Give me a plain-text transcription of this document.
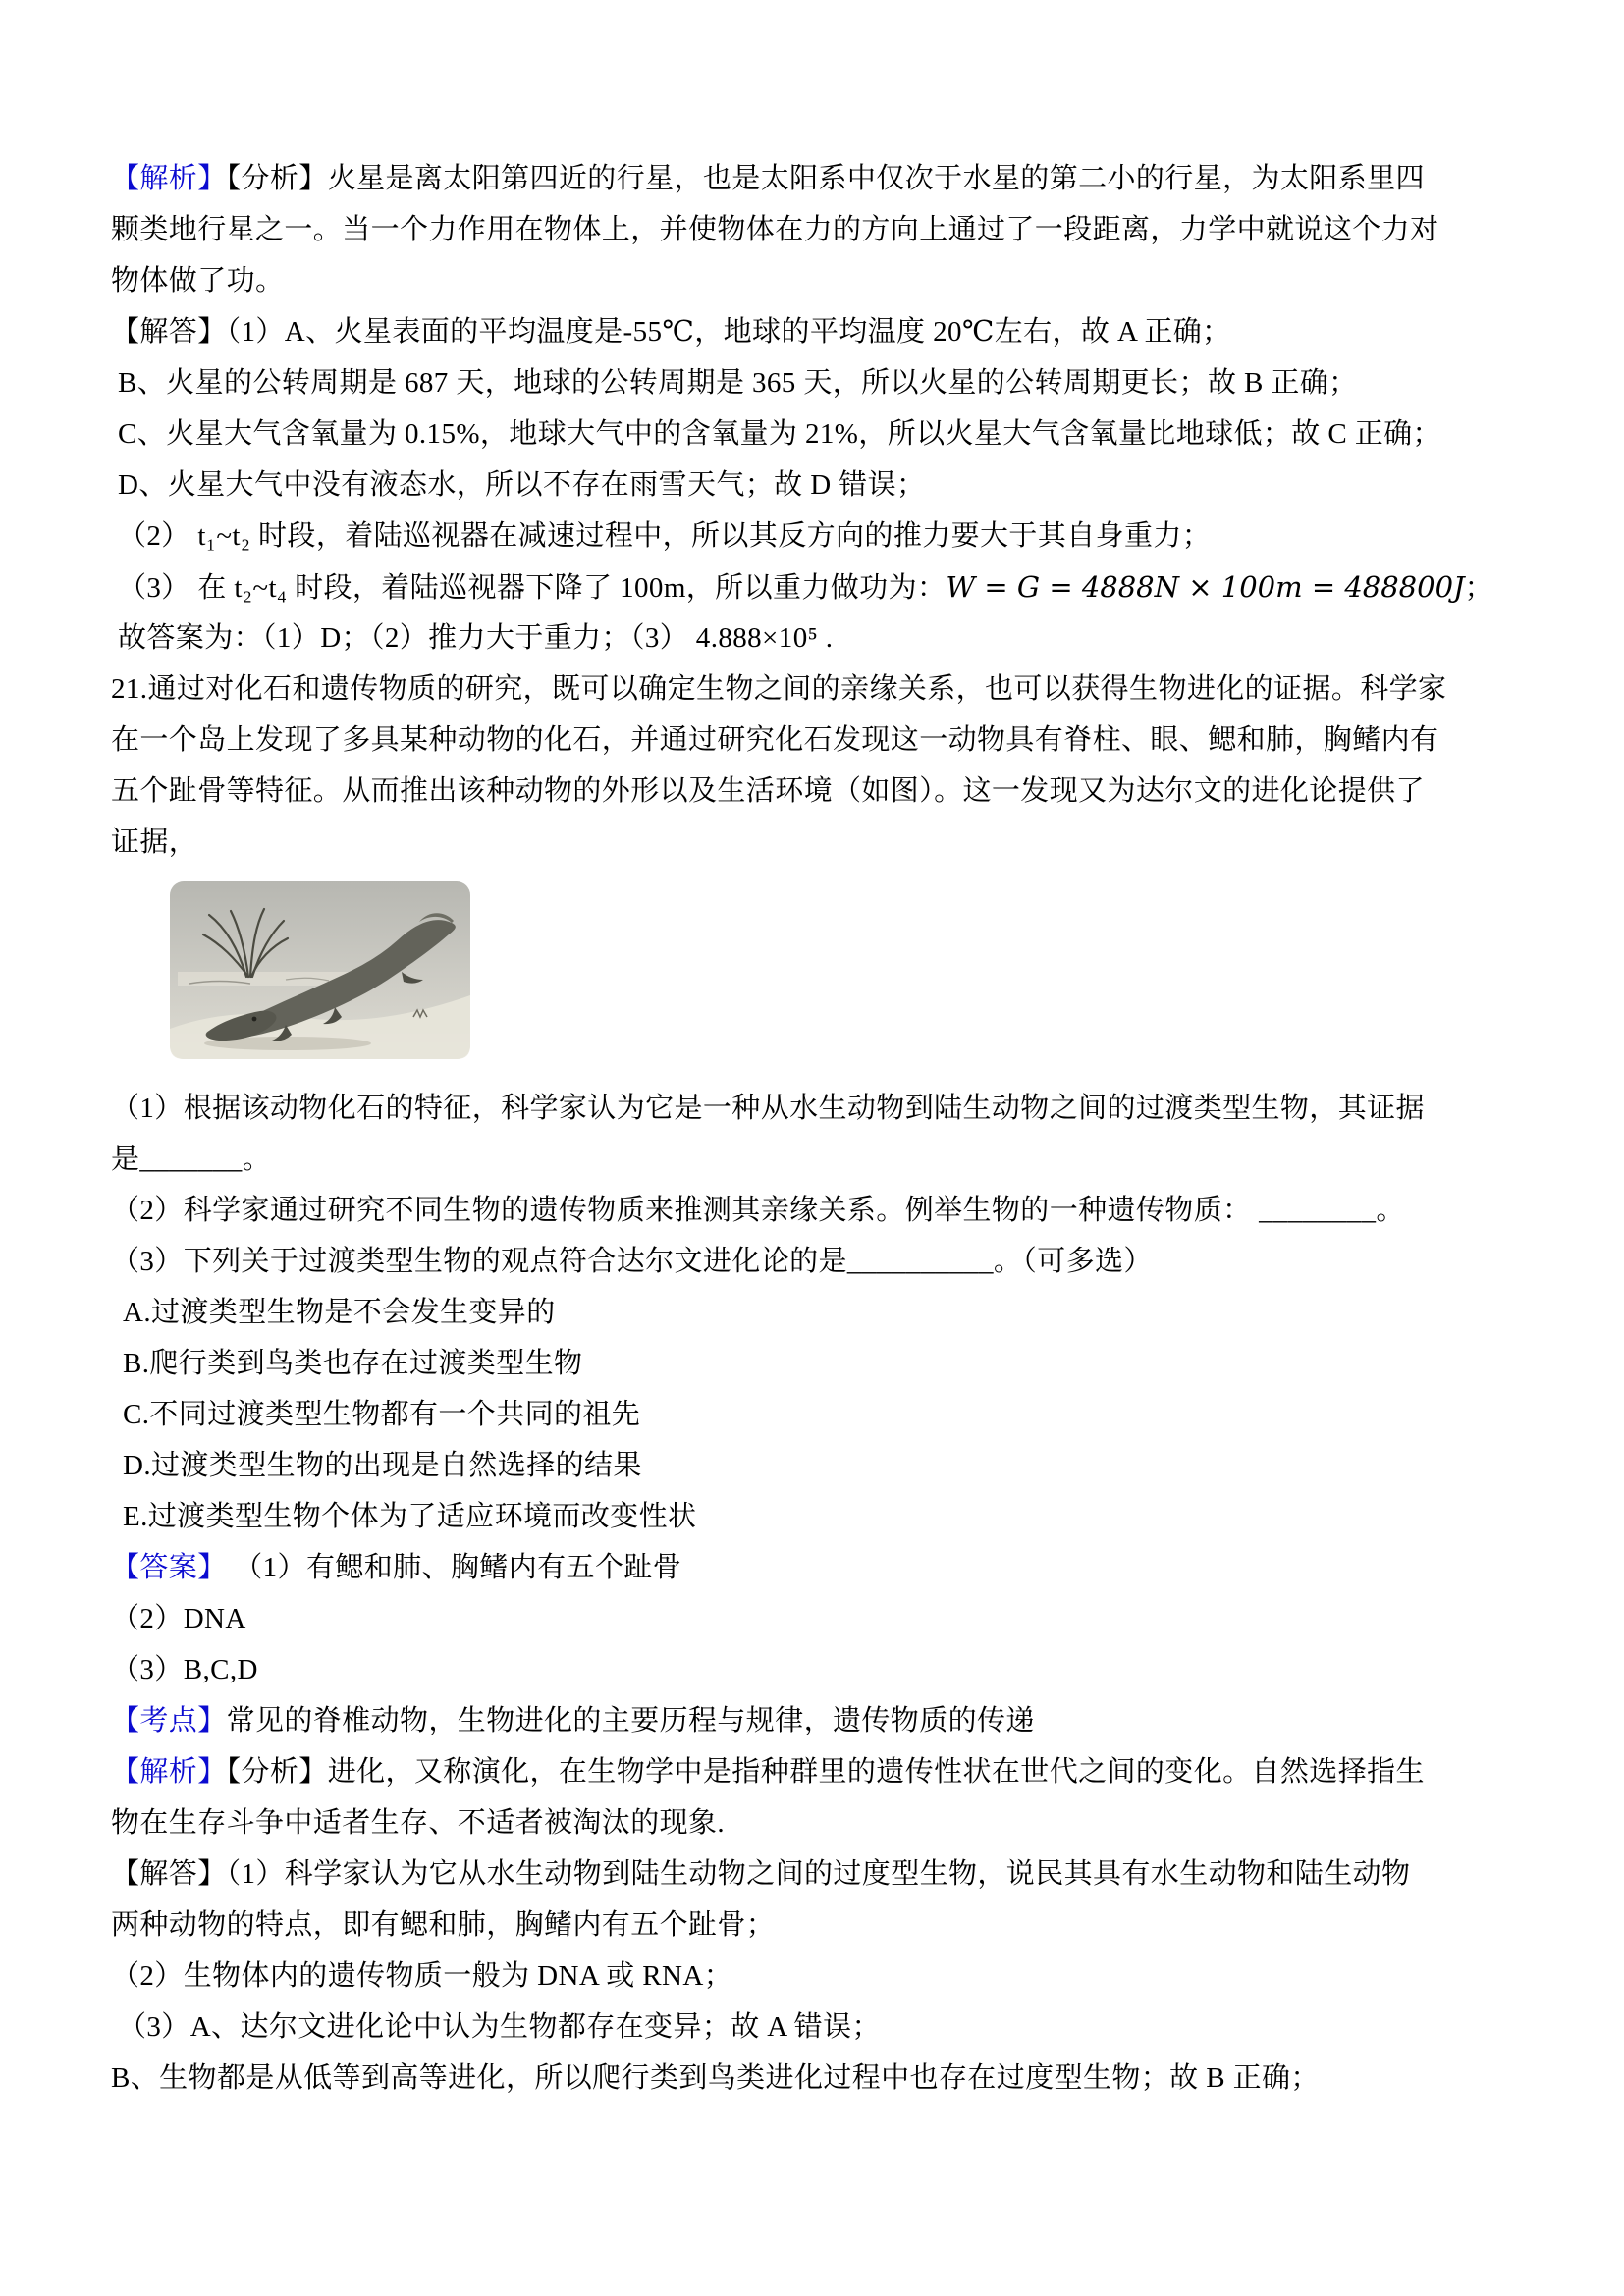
【解析】【分析】火星是离太阳第四近的行星，也是太阳系中仅次于水星的第二小的行星，为太阳系里四
颗类地行星之一。当一个力作用在物体上，并使物体在力的方向上通过了一段距离，力学中就说这个力对
物体做了功。
【解答】（1）A、火星表面的平均温度是-55℃，地球的平均温度 20℃左右，故 A 正确；
B、火星的公转周期是 687 天，地球的公转周期是 365 天，所以火星的公转周期更长；故 B 正确；
C、火星大气含氧量为 0.15%，地球大气中的含氧量为 21%，所以火星大气含氧量比地球低；故 C 正确；
D、火星大气中没有液态水，所以不存在雨雪天气；故 D 错误；
（2） t₁~t₂ 时段，着陆巡视器在减速过程中，所以其反方向的推力要大于其自身重力；
（3） 在 t₂~t₄ 时段，着陆巡视器下降了 100m，所以重力做功为：W = G = 4888N × 100m = 488800J；
故答案为：（1）D；（2）推力大于重力；（3） 4.888×10⁵ .
21.通过对化石和遗传物质的研究，既可以确定生物之间的亲缘关系，也可以获得生物进化的证据。科学家
在一个岛上发现了多具某种动物的化石，并通过研究化石发现这一动物具有脊柱、眼、鳃和肺，胸鳍内有
五个趾骨等特征。从而推出该种动物的外形以及生活环境（如图）。这一发现又为达尔文的进化论提供了
证据，
（1）根据该动物化石的特征，科学家认为它是一种从水生动物到陆生动物之间的过渡类型生物，其证据
是_______。
（2）科学家通过研究不同生物的遗传物质来推测其亲缘关系。例举生物的一种遗传物质： ________。
（3）下列关于过渡类型生物的观点符合达尔文进化论的是__________。（可多选）
A.过渡类型生物是不会发生变异的
B.爬行类到鸟类也存在过渡类型生物
C.不同过渡类型生物都有一个共同的祖先
D.过渡类型生物的出现是自然选择的结果
E.过渡类型生物个体为了适应环境而改变性状
【答案】 （1）有鳃和肺、胸鳍内有五个趾骨
（2）DNA
（3）B,C,D
【考点】常见的脊椎动物，生物进化的主要历程与规律，遗传物质的传递
【解析】【分析】进化，又称演化，在生物学中是指种群里的遗传性状在世代之间的变化。自然选择指生
物在生存斗争中适者生存、不适者被淘汰的现象.
【解答】（1）科学家认为它从水生动物到陆生动物之间的过度型生物，说民其具有水生动物和陆生动物
两种动物的特点，即有鳃和肺，胸鳍内有五个趾骨；
（2）生物体内的遗传物质一般为 DNA 或 RNA；
（3）A、达尔文进化论中认为生物都存在变异；故 A 错误；
B、生物都是从低等到高等进化，所以爬行类到鸟类进化过程中也存在过度型生物；故 B 正确；
